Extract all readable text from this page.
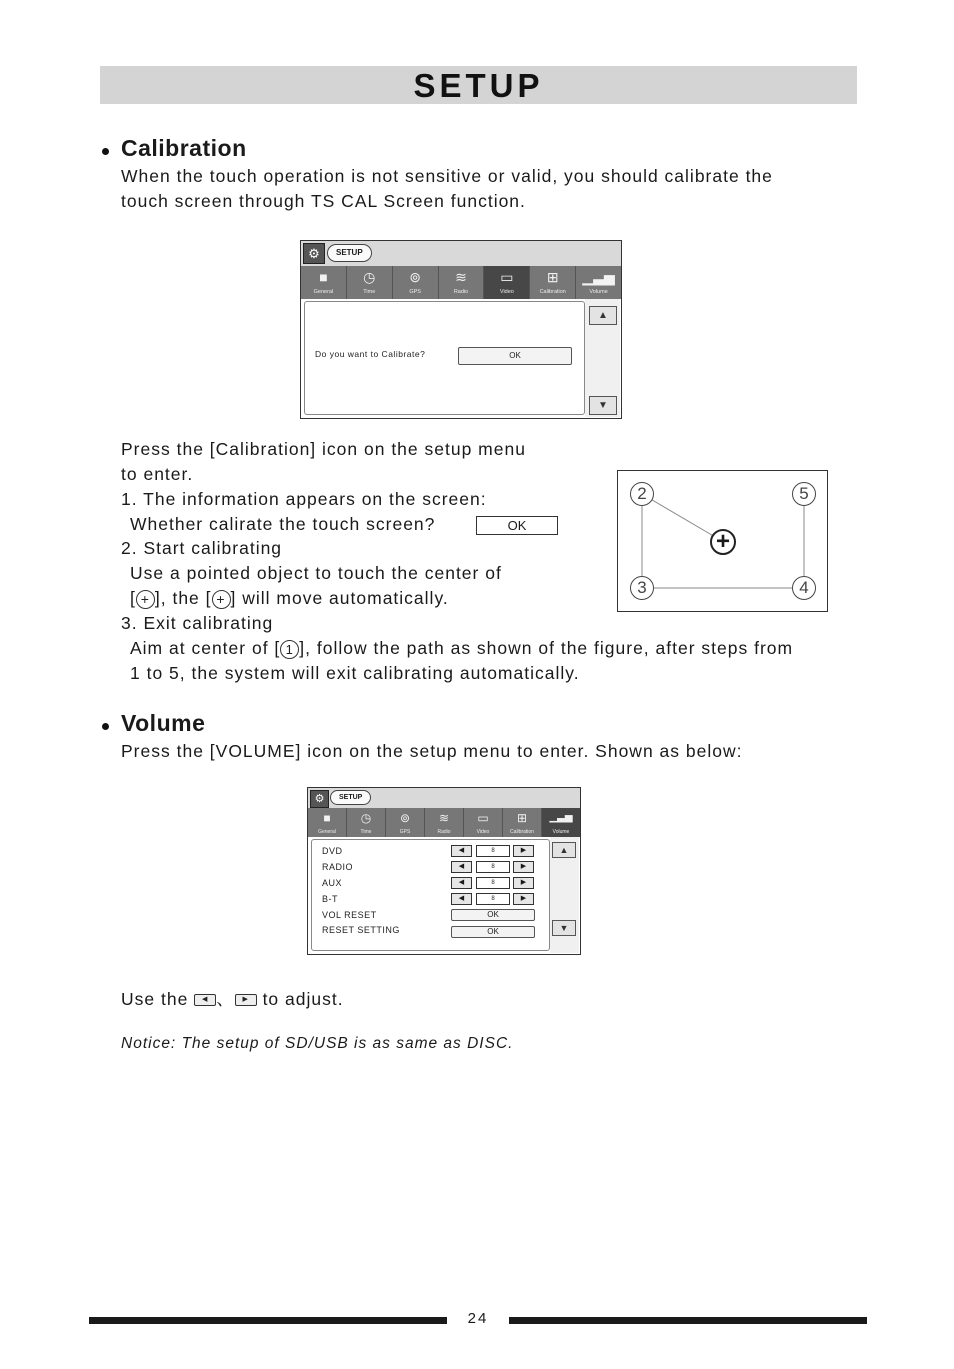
SETUP
Calibration
When the touch operation is not sensitive or valid, you should calibrate the
touch screen through TS CAL Screen function.
⚙	SETUP
■
General
◷
Time
⊚
GPS
≋
Radio
▭
Video
⊞
Calibration
▁▃▅
Volume
Do you want to Calibrate?	OK
▲
▼
Press the [Calibration] icon on the setup menu
to enter.
1. The information appears on the screen:
Whether calirate the touch screen?	OK
2. Start calibrating
Use a pointed object to touch the center of
[ + ], the [ + ] will move automatically.
3. Exit calibrating
Aim at center of [ 1 ], follow the path as shown of the figure, after steps from
1 to 5, the system will exit calibrating automatically.
2	5
3	4
+
Volume
Press the [VOLUME] icon on the setup menu to enter. Shown as below:
⚙	SETUP
■
General
◷
Time
⊚
GPS
≋
Radio
▭
Video
⊞
Calibration
▁▃▅
Volume
DVD	◀	8	▶
RADIO	◀	8	▶
AUX	◀	8	▶
B-T	◀	8	▶
VOL RESET	OK
RESET SETTING	OK
▲
▼
Use the ◀ 、 ▶ to adjust.
Notice: The setup of SD/USB is as same as DISC.
24
